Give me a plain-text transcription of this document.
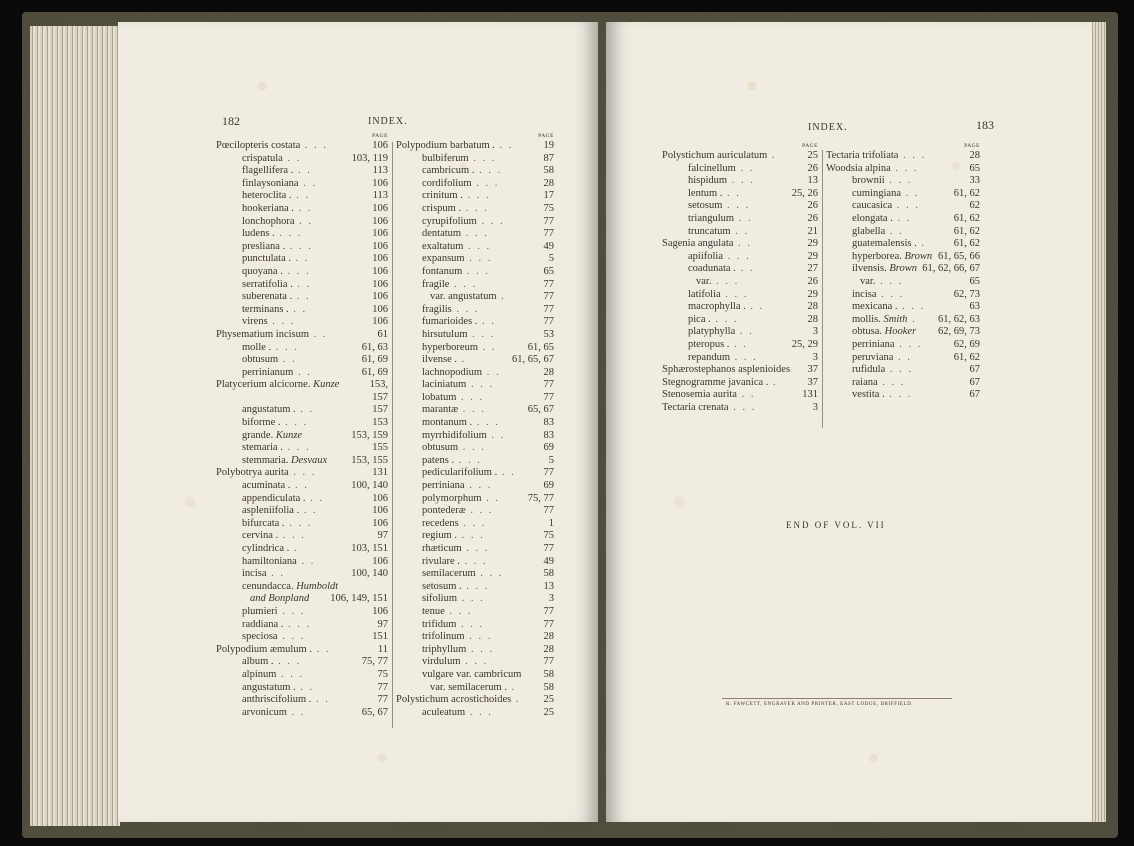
182	INDEX.
PAGE
Pœcilopteris costata . . .	106
crispatula . .	103, 119
flagellifera . . .	113
finlaysoniana . .	106
heteroclita . . .	113
hookeriana . . .	106
lonchophora . .	106
ludens . . . .	106
presliana . . . .	106
punctulata . . .	106
quoyana . . . .	106
serratifolia . . .	106
suberenata . . .	106
terminans . . .	106
virens . . .	106
Physematium incisum . .	61
molle . . . .	61, 63
obtusum . .	61, 69
perrinianum . .	61, 69
Platycerium alcicorne. Kunze	153,
157
angustatum . . .	157
biforme . . . .	153
grande. Kunze	153, 159
stemaria . . . .	155
stemmaria. Desvaux 153, 155
Polybotrya aurita . . .	131
acuminata . . .	100, 140
appendiculata . . .	106
aspleniifolia . . .	106
bifurcata . . . .	106
cervina . . . .	97
cylindrica . .	103, 151
hamiltoniana . .	106
incisa . .	100, 140
cenundacca. Humboldt
and Bonpland 106, 149, 151
plumieri . . .	106
raddiana . . . .	97
speciosa . . .	151
Polypodium æmulum . . .	11
album . . . .	75, 77
alpinum . . .	75
angustatum . . .	77
anthriscifolium . . .	77
arvonicum . .	65, 67
PAGE
Polypodium barbatum . . .	19
bulbiferum . . .	87
cambricum . . . .	58
cordifolium . . .	28
crinitum . . . .	17
crispum . . . .	75
cyrupifolium . . .	77
dentatum . . .	77
exaltatum . . .	49
expansum . . .	5
fontanum . . .	65
fragile . . .	77
var. angustatum .	77
fragilis . . .	77
fumarioides . . .	77
hirsutulum . . .	53
hyperboreum . .	61, 65
ilvense . .	61, 65, 67
lachnopodium . .	28
laciniatum . . .	77
lobatum . . .	77
marantæ . . .	65, 67
montanum . . . .	83
myrrhidifolium . .	83
obtusum . . .	69
patens . . . .	5
pedicularifolium . . .	77
perriniana . . .	69
polymorphum . .	75, 77
pontederæ . . .	77
recedens . . .	1
regium . . . .	75
rhæticum . . .	77
rivulare . . . .	49
semilacerum . . .	58
setosum . . . .	13
sifolium . . .	3
tenue . . .	77
trifidum . . .	77
trifolinum . . .	28
triphyllum . . .	28
virdulum . . .	77
vulgare var. cambricum 58
var. semilacerum . .	58
Polystichum acrostichoides .	25
aculeatum . . .	25
INDEX.	183
PAGE
Polystichum auriculatum .	25
falcinellum . .	26
hispidum . . .	13
lentum . . .	25, 26
setosum . . .	26
triangulum . .	26
truncatum . .	21
Sagenia angulata . .	29
apiifolia . . .	29
coadunata . . .	27
var. . . .	26
latifolia . . .	29
macrophylla . . .	28
pica . . . .	28
platyphylla . .	3
pteropus . . .	25, 29
repandum . . .	3
Sphærostephanos asplenioides 37
Stegnogramme javanica . .	37
Stenosemia aurita . .	131
Tectaria crenata . . .	3
PAGE
Tectaria trifoliata . . .	28
Woodsia alpina . . .	65
brownii . . .	33
cumingiana . .	61, 62
caucasica . . .	62
elongata . . .	61, 62
glabella . .	61, 62
guatemalensis . .	61, 62
hyperborea. Brown 61, 65, 66
ilvensis. Brown 61, 62, 66, 67
var. . . .	65
incisa . . .	62, 73
mexicana . . . .	63
mollis. Smith .	61, 62, 63
obtusa. Hooker 62, 69, 73
perriniana . . .	62, 69
peruviana . .	61, 62
rufidula . . .	67
raiana . . .	67
vestita . . . .	67
END OF VOL. VII
R. FAWCETT, ENGRAVER AND PRINTER, EAST LODGE, DRIFFIELD.
